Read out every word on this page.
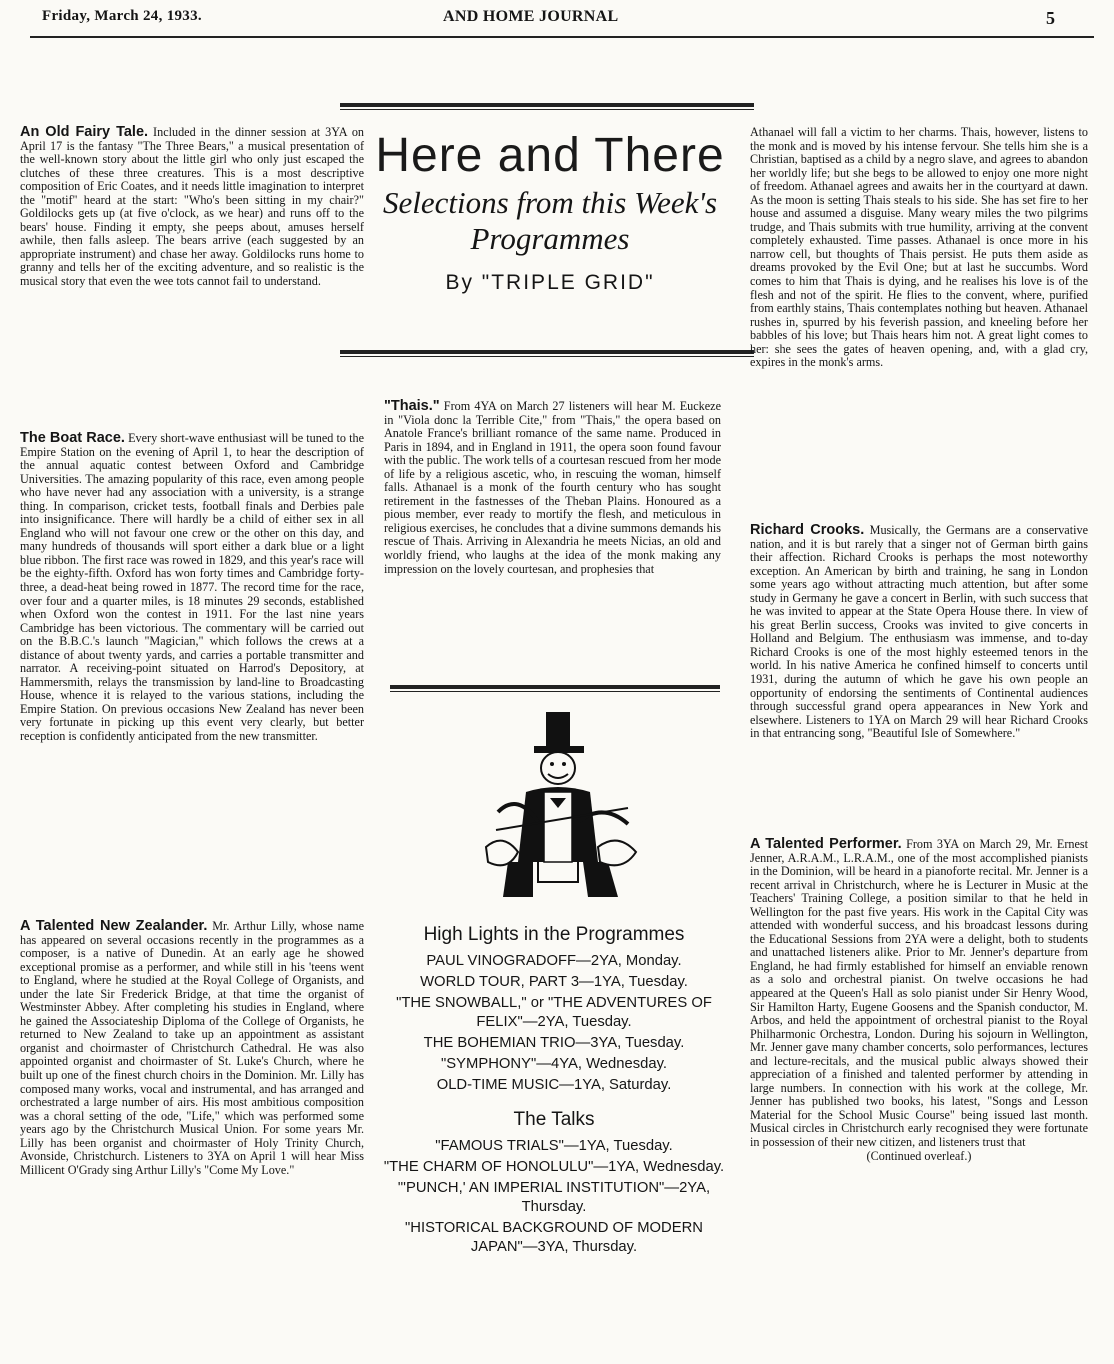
Friday, March 24, 1933.	AND HOME JOURNAL	5
Here and There
Selections from this Week's Programmes
By "TRIPLE GRID"

An Old Fairy Tale. Included in the dinner session at 3YA on April 17 is the fantasy "The Three Bears," a musical presentation of the well-known story about the little girl who only just escaped the clutches of these three creatures. This is a most descriptive composition of Eric Coates, and it needs little imagination to interpret the "motif" heard at the start: "Who's been sitting in my chair?" Goldilocks gets up (at five o'clock, as we hear) and runs off to the bears' house. Finding it empty, she peeps about, amuses herself awhile, then falls asleep. The bears arrive (each suggested by an appropriate instrument) and chase her away. Goldilocks runs home to granny and tells her of the exciting adventure, and so realistic is the musical story that even the wee tots cannot fail to understand.

The Boat Race. Every short-wave enthusiast will be tuned to the Empire Station on the evening of April 1, to hear the description of the annual aquatic contest between Oxford and Cambridge Universities. The amazing popularity of this race, even among people who have never had any association with a university, is a strange thing. In comparison, cricket tests, football finals and Derbies pale into insignificance. There will hardly be a child of either sex in all England who will not favour one crew or the other on this day, and many hundreds of thousands will sport either a dark blue or a light blue ribbon. The first race was rowed in 1829, and this year's race will be the eighty-fifth. Oxford has won forty times and Cambridge forty-three, a dead-heat being rowed in 1877. The record time for the race, over four and a quarter miles, is 18 minutes 29 seconds, established when Oxford won the contest in 1911. For the last nine years Cambridge has been victorious. The commentary will be carried out on the B.B.C.'s launch "Magician," which follows the crews at a distance of about twenty yards, and carries a portable transmitter and narrator. A receiving-point situated on Harrod's Depository, at Hammersmith, relays the transmission by land-line to Broadcasting House, whence it is relayed to the various stations, including the Empire Station. On previous occasions New Zealand has never been very fortunate in picking up this event very clearly, but better reception is confidently anticipated from the new transmitter.

A Talented New Zealander. Mr. Arthur Lilly, whose name has appeared on several occasions recently in the programmes as a composer, is a native of Dunedin. At an early age he showed exceptional promise as a performer, and while still in his 'teens went to England, where he studied at the Royal College of Organists, and under the late Sir Frederick Bridge, at that time the organist of Westminster Abbey. After completing his studies in England, where he gained the Associateship Diploma of the College of Organists, he returned to New Zealand to take up an appointment as assistant organist and choirmaster of Christchurch Cathedral. He was also appointed organist and choirmaster of St. Luke's Church, where he built up one of the finest church choirs in the Dominion. Mr. Lilly has composed many works, vocal and instrumental, and has arranged and orchestrated a large number of airs. His most ambitious composition was a choral setting of the ode, "Life," which was performed some years ago by the Christchurch Musical Union. For some years Mr. Lilly has been organist and choirmaster of Holy Trinity Church, Avonside, Christchurch. Listeners to 3YA on April 1 will hear Miss Millicent O'Grady sing Arthur Lilly's "Come My Love."

"Thais." From 4YA on March 27 listeners will hear M. Euckeze in "Viola donc la Terrible Cite," from "Thais," the opera based on Anatole France's brilliant romance of the same name. Produced in Paris in 1894, and in England in 1911, the opera soon found favour with the public. The work tells of a courtesan rescued from her mode of life by a religious ascetic, who, in rescuing the woman, himself falls. Athanael is a monk of the fourth century who has sought retirement in the fastnesses of the Theban Plains. Honoured as a pious member, ever ready to mortify the flesh, and meticulous in religious exercises, he concludes that a divine summons demands his rescue of Thais. Arriving in Alexandria he meets Nicias, an old and worldly friend, who laughs at the idea of the monk making any impression on the lovely courtesan, and prophesies that

High Lights in the Programmes
PAUL VINOGRADOFF—2YA, Monday.
WORLD TOUR, PART 3—1YA, Tuesday.
"THE SNOWBALL," or "THE ADVENTURES OF FELIX"—2YA, Tuesday.
THE BOHEMIAN TRIO—3YA, Tuesday.
"SYMPHONY"—4YA, Wednesday.
OLD-TIME MUSIC—1YA, Saturday.
The Talks
"FAMOUS TRIALS"—1YA, Tuesday.
"THE CHARM OF HONOLULU"—1YA, Wednesday.
"'PUNCH,' AN IMPERIAL INSTITUTION"—2YA, Thursday.
"HISTORICAL BACKGROUND OF MODERN JAPAN"—3YA, Thursday.

Athanael will fall a victim to her charms. Thais, however, listens to the monk and is moved by his intense fervour. She tells him she is a Christian, baptised as a child by a negro slave, and agrees to abandon her worldly life; but she begs to be allowed to enjoy one more night of freedom. Athanael agrees and awaits her in the courtyard at dawn. As the moon is setting Thais steals to his side. She has set fire to her house and assumed a disguise. Many weary miles the two pilgrims trudge, and Thais submits with true humility, arriving at the convent completely exhausted. Time passes. Athanael is once more in his narrow cell, but thoughts of Thais persist. He puts them aside as dreams provoked by the Evil One; but at last he succumbs. Word comes to him that Thais is dying, and he realises his love is of the flesh and not of the spirit. He flies to the convent, where, purified from earthly stains, Thais contemplates nothing but heaven. Athanael rushes in, spurred by his feverish passion, and kneeling before her babbles of his love; but Thais hears him not. A great light comes to her: she sees the gates of heaven opening, and, with a glad cry, expires in the monk's arms.

Richard Crooks. Musically, the Germans are a conservative nation, and it is but rarely that a singer not of German birth gains their affection. Richard Crooks is perhaps the most noteworthy exception. An American by birth and training, he sang in London some years ago without attracting much attention, but after some study in Germany he gave a concert in Berlin, with such success that he was invited to appear at the State Opera House there. In view of his great Berlin success, Crooks was invited to give concerts in Holland and Belgium. The enthusiasm was immense, and to-day Richard Crooks is one of the most highly esteemed tenors in the world. In his native America he confined himself to concerts until 1931, during the autumn of which he gave his own people an opportunity of endorsing the sentiments of Continental audiences through successful grand opera appearances in New York and elsewhere. Listeners to 1YA on March 29 will hear Richard Crooks in that entrancing song, "Beautiful Isle of Somewhere."

A Talented Performer. From 3YA on March 29, Mr. Ernest Jenner, A.R.A.M., L.R.A.M., one of the most accomplished pianists in the Dominion, will be heard in a pianoforte recital. Mr. Jenner is a recent arrival in Christchurch, where he is Lecturer in Music at the Teachers' Training College, a position similar to that he held in Wellington for the past five years. His work in the Capital City was attended with wonderful success, and his broadcast lessons during the Educational Sessions from 2YA were a delight, both to students and unattached listeners alike. Prior to Mr. Jenner's departure from England, he had firmly established for himself an enviable renown as a solo and orchestral pianist. On twelve occasions he had appeared at the Queen's Hall as solo pianist under Sir Henry Wood, Sir Hamilton Harty, Eugene Goosens and the Spanish conductor, M. Arbos, and held the appointment of orchestral pianist to the Royal Philharmonic Orchestra, London. During his sojourn in Wellington, Mr. Jenner gave many chamber concerts, solo performances, lectures and lecture-recitals, and the musical public always showed their appreciation of a finished and talented performer by attending in large numbers. In connection with his work at the college, Mr. Jenner has published two books, his latest, "Songs and Lesson Material for the School Music Course" being issued last month. Musical circles in Christchurch early recognised they were fortunate in possession of their new citizen, and listeners trust that

(Continued overleaf.)
